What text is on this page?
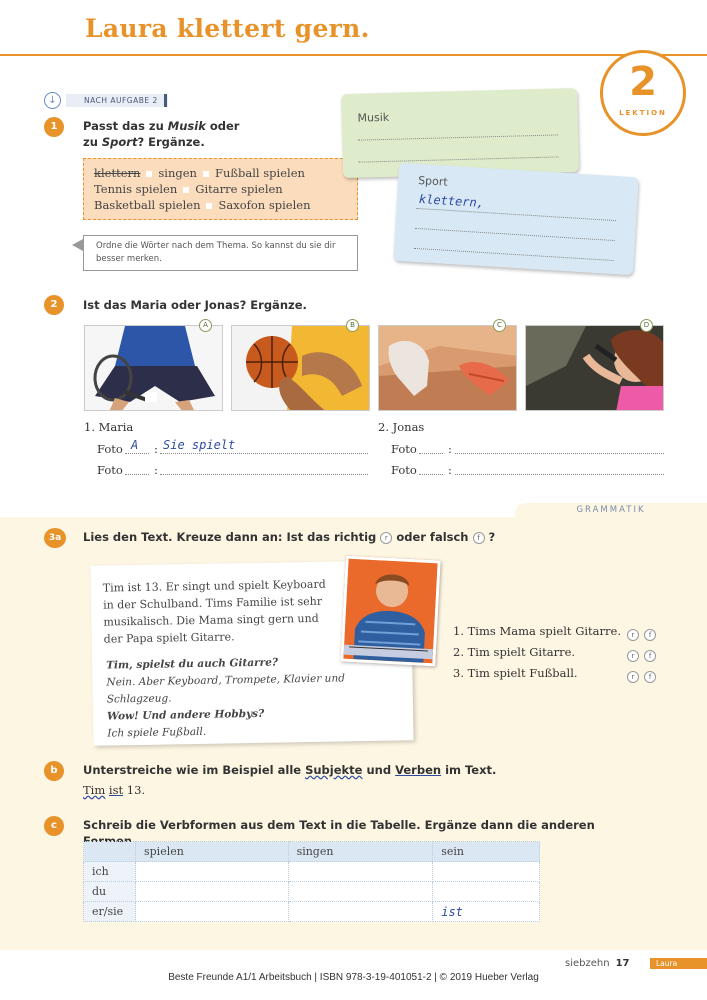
Laura klettert gern.
2
LEKTION
↓	NACH AUFGABE 2
1	Passt das zu Musik oder
zu Sport? Ergänze.
klettern singen Fußball spielen
Tennis spielen Gitarre spielen
Basketball spielen Saxofon spielen
Ordne die Wörter nach dem Thema. So kannst du sie dir besser merken.
Musik
Sport
klettern,
2	Ist das Maria oder Jonas? Ergänze.
A	B	C	D
1. Maria
Foto A : Sie spielt
Foto	:
2. Jonas
Foto	:
Foto	:
GRAMMATIK
3a	Lies den Text. Kreuze dann an: Ist das richtig r oder falsch f ?
Tim ist 13. Er singt und spielt Keyboard
in der Schulband. Tims Familie ist sehr
musikalisch. Die Mama singt gern und
der Papa spielt Gitarre.
Tim, spielst du auch Gitarre?
Nein. Aber Keyboard, Trompete, Klavier und Schlagzeug.
Wow! Und andere Hobbys?
Ich spiele Fußball.
1. Tims Mama spielt Gitarre.
2. Tim spielt Gitarre.
3. Tim spielt Fußball.
r f
r f
r f
b	Unterstreiche wie im Beispiel alle Subjekte und Verben im Text.
Tim ist 13.
c	Schreib die Verbformen aus dem Text in die Tabelle. Ergänze dann die anderen
	spielen	singen	sein
ich			
du			
er/sie			ist
siebzehn 17	Laura
Beste Freunde A1/1 Arbeitsbuch | ISBN 978-3-19-401051-2 | © 2019 Hueber Verlag
